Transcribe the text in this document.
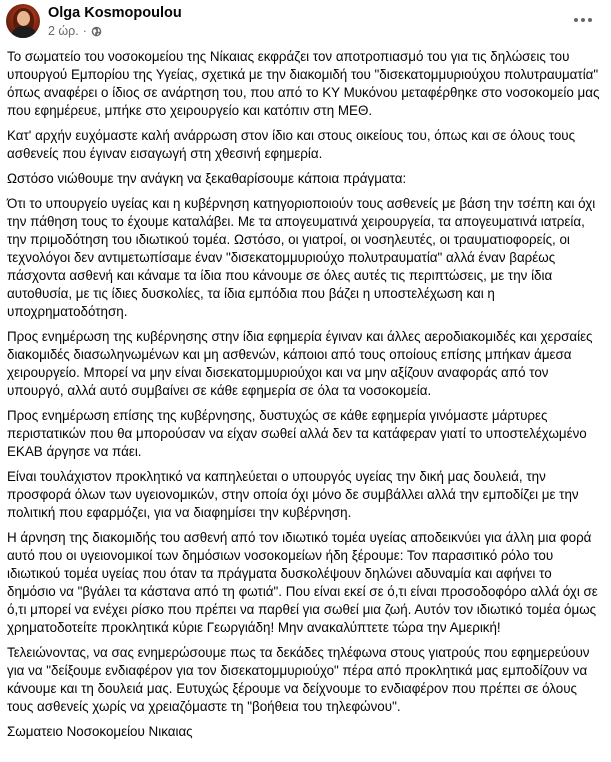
Olga Kosmopoulou
2 ώρ. ·

Το σωματείο του νοσοκομείου της Νίκαιας εκφράζει τον αποτροπιασμό του για τις δηλώσεις του υπουργού Εμπορίου της Υγείας, σχετικά με την διακομιδή του "δισεκατομμυριούχου πολυτραυματία" όπως αναφέρει ο ίδιος σε ανάρτηση του, που από το ΚΥ Μυκόνου μεταφέρθηκε στο νοσοκομείο μας που εφημέρευε, μπήκε στο χειρουργείο και κατόπιν στη ΜΕΘ.

Κατ' αρχήν ευχόμαστε καλή ανάρρωση στον ίδιο και στους οικείους του, όπως και σε όλους τους ασθενείς που έγιναν εισαγωγή στη χθεσινή εφημερία.

Ωστόσο νιώθουμε την ανάγκη να ξεκαθαρίσουμε κάποια πράγματα:

Ότι το υπουργείο υγείας και η κυβέρνηση κατηγοριοποιούν τους ασθενείς με βάση την τσέπη και όχι την πάθηση τους το έχουμε καταλάβει. Με τα απογευματινά χειρουργεία, τα απογευματινά ιατρεία, την πριμοδότηση του ιδιωτικού τομέα. Ωστόσο, οι γιατροί, οι νοσηλευτές, οι τραυματιοφορείς, οι τεχνολόγοι δεν αντιμετωπίσαμε έναν "δισεκατομμυριούχο πολυτραυματία" αλλά έναν βαρέως πάσχοντα ασθενή και κάναμε τα ίδια που κάνουμε σε όλες αυτές τις περιπτώσεις, με την ίδια αυτοθυσία, με τις ίδιες δυσκολίες, τα ίδια εμπόδια που βάζει η υποστελέχωση και η υποχρηματοδότηση.

Προς ενημέρωση της κυβέρνησης στην ίδια εφημερία έγιναν και άλλες αεροδιακομιδές και χερσαίες διακομιδές διασωληνωμένων και μη ασθενών, κάποιοι από τους οποίους επίσης μπήκαν άμεσα χειρουργείο. Μπορεί να μην είναι δισεκατομμυριούχοι και να μην αξίζουν αναφοράς από τον υπουργό, αλλά αυτό συμβαίνει σε κάθε εφημερία σε όλα τα νοσοκομεία.

Προς ενημέρωση επίσης της κυβέρνησης, δυστυχώς σε κάθε εφημερία γινόμαστε μάρτυρες περιστατικών που θα μπορούσαν να είχαν σωθεί αλλά δεν τα κατάφεραν γιατί το υποστελέχωμένο ΕΚΑΒ άργησε να πάει.

Είναι τουλάχιστον προκλητικό να καπηλεύεται ο υπουργός υγείας την δική μας δουλειά, την προσφορά όλων των υγειονομικών, στην οποία όχι μόνο δε συμβάλλει αλλά την εμποδίζει με την πολιτική που εφαρμόζει, για να διαφημίσει την κυβέρνηση.

Η άρνηση της διακομιδής του ασθενή από τον ιδιωτικό τομέα υγείας αποδεικνύει για άλλη μια φορά αυτό που οι υγειονομικοί των δημόσιων νοσοκομείων ήδη ξέρουμε: Τον παρασιτικό ρόλο του ιδιωτικού τομέα υγείας που όταν τα πράγματα δυσκολέψουν δηλώνει αδυναμία και αφήνει το δημόσιο να "βγάλει τα κάστανα από τη φωτιά". Που είναι εκεί σε ό,τι είναι προσοδοφόρο αλλά όχι σε ό,τι μπορεί να ενέχει ρίσκο που πρέπει να παρθεί για σωθεί μια ζωή. Αυτόν τον ιδιωτικό τομέα όμως χρηματοδοτείτε προκλητικά κύριε Γεωργιάδη! Μην ανακαλύπτετε τώρα την Αμερική!

Τελειώνοντας, να σας ενημερώσουμε πως τα δεκάδες τηλέφωνα στους γιατρούς που εφημερεύουν για να "δείξουμε ενδιαφέρον για τον δισεκατομμυριούχο" πέρα από προκλητικά μας εμποδίζουν να κάνουμε και τη δουλειά μας. Ευτυχώς ξέρουμε να δείχνουμε το ενδιαφέρον που πρέπει σε όλους τους ασθενείς χωρίς να χρειαζόμαστε τη "βοήθεια του τηλεφώνου".

Σωματειο Νοσοκομείου Νικαιας
